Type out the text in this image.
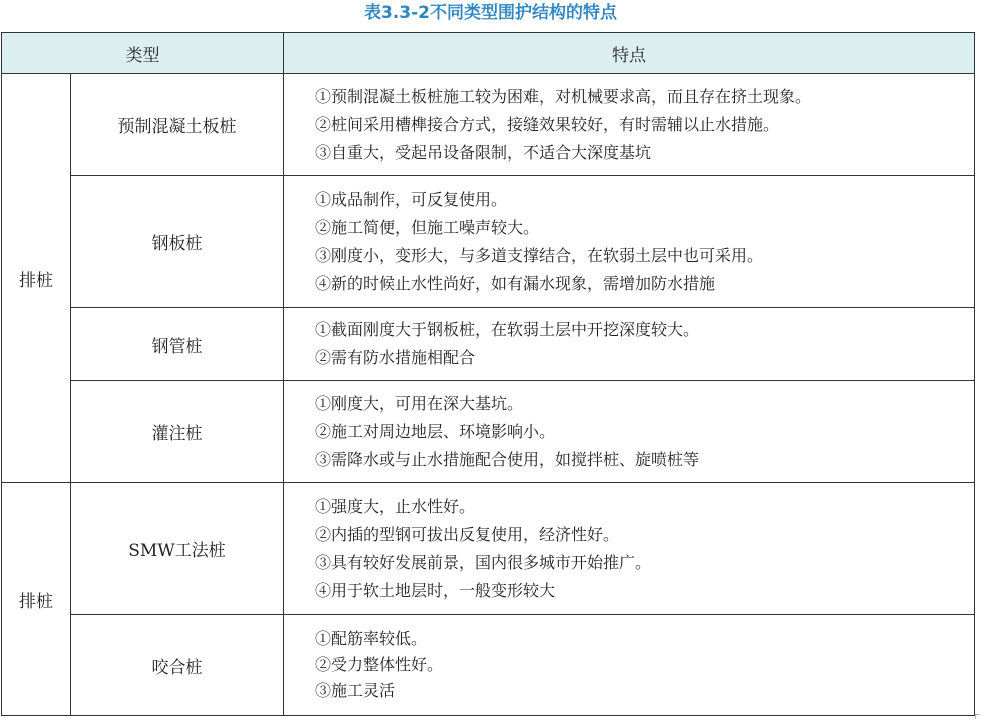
表3.3-2不同类型围护结构的特点
类型		特点
排桩	预制混凝土板桩	①预制混凝土板桩施工较为困难，对机械要求高，而且存在挤土现象。
②桩间采用槽榫接合方式，接缝效果较好，有时需辅以止水措施。
③自重大，受起吊设备限制，不适合大深度基坑

	钢板桩	①成品制作，可反复使用。
②施工简便，但施工噪声较大。
③刚度小，变形大，与多道支撑结合，在软弱土层中也可采用。
④新的时候止水性尚好，如有漏水现象，需增加防水措施

	钢管桩	①截面刚度大于钢板桩，在软弱土层中开挖深度较大。
②需有防水措施相配合

	灌注桩	①刚度大，可用在深大基坑。
②施工对周边地层、环境影响小。
③需降水或与止水措施配合使用，如搅拌桩、旋喷桩等

排桩	SMW工法桩	①强度大，止水性好。
②内插的型钢可拔出反复使用，经济性好。
③具有较好发展前景，国内很多城市开始推广。
④用于软土地层时，一般变形较大

	咬合桩	①配筋率较低。
②受力整体性好。
③施工灵活
